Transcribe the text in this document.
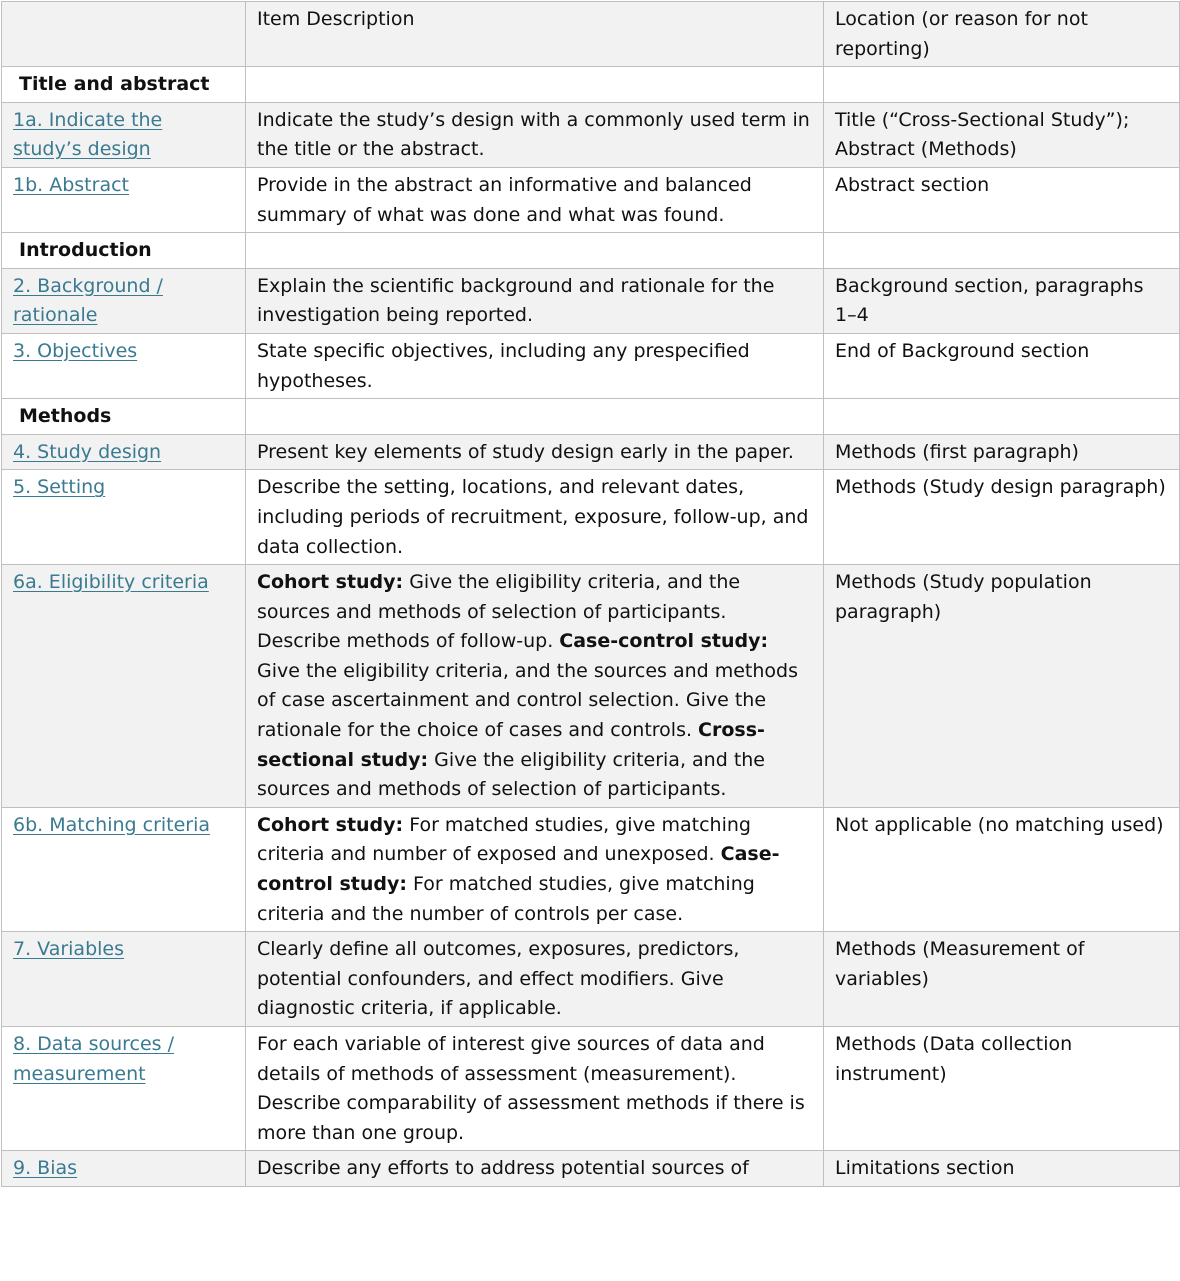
	Item Description	Location (or reason for not reporting)
Title and abstract		
1a. Indicate the study’s design	Indicate the study’s design with a commonly used term in the title or the abstract.	Title (“Cross-Sectional Study”); Abstract (Methods)
1b. Abstract	Provide in the abstract an informative and balanced summary of what was done and what was found.	Abstract section
Introduction		
2. Background / rationale	Explain the scientific background and rationale for the investigation being reported.	Background section, paragraphs 1–4
3. Objectives	State specific objectives, including any prespecified hypotheses.	End of Background section
Methods		
4. Study design	Present key elements of study design early in the paper.	Methods (first paragraph)
5. Setting	Describe the setting, locations, and relevant dates, including periods of recruitment, exposure, follow-up, and data collection.	Methods (Study design paragraph)
6a. Eligibility criteria	Cohort study: Give the eligibility criteria, and the sources and methods of selection of participants. Describe methods of follow-up. Case-control study: Give the eligibility criteria, and the sources and methods of case ascertainment and control selection. Give the rationale for the choice of cases and controls. Cross-sectional study: Give the eligibility criteria, and the sources and methods of selection of participants.	Methods (Study population paragraph)
6b. Matching criteria	Cohort study: For matched studies, give matching criteria and number of exposed and unexposed. Case-control study: For matched studies, give matching criteria and the number of controls per case.	Not applicable (no matching used)
7. Variables	Clearly define all outcomes, exposures, predictors, potential confounders, and effect modifiers. Give diagnostic criteria, if applicable.	Methods (Measurement of variables)
8. Data sources / measurement	For each variable of interest give sources of data and details of methods of assessment (measurement). Describe comparability of assessment methods if there is more than one group.	Methods (Data collection instrument)
9. Bias	Describe any efforts to address potential sources of	Limitations section
